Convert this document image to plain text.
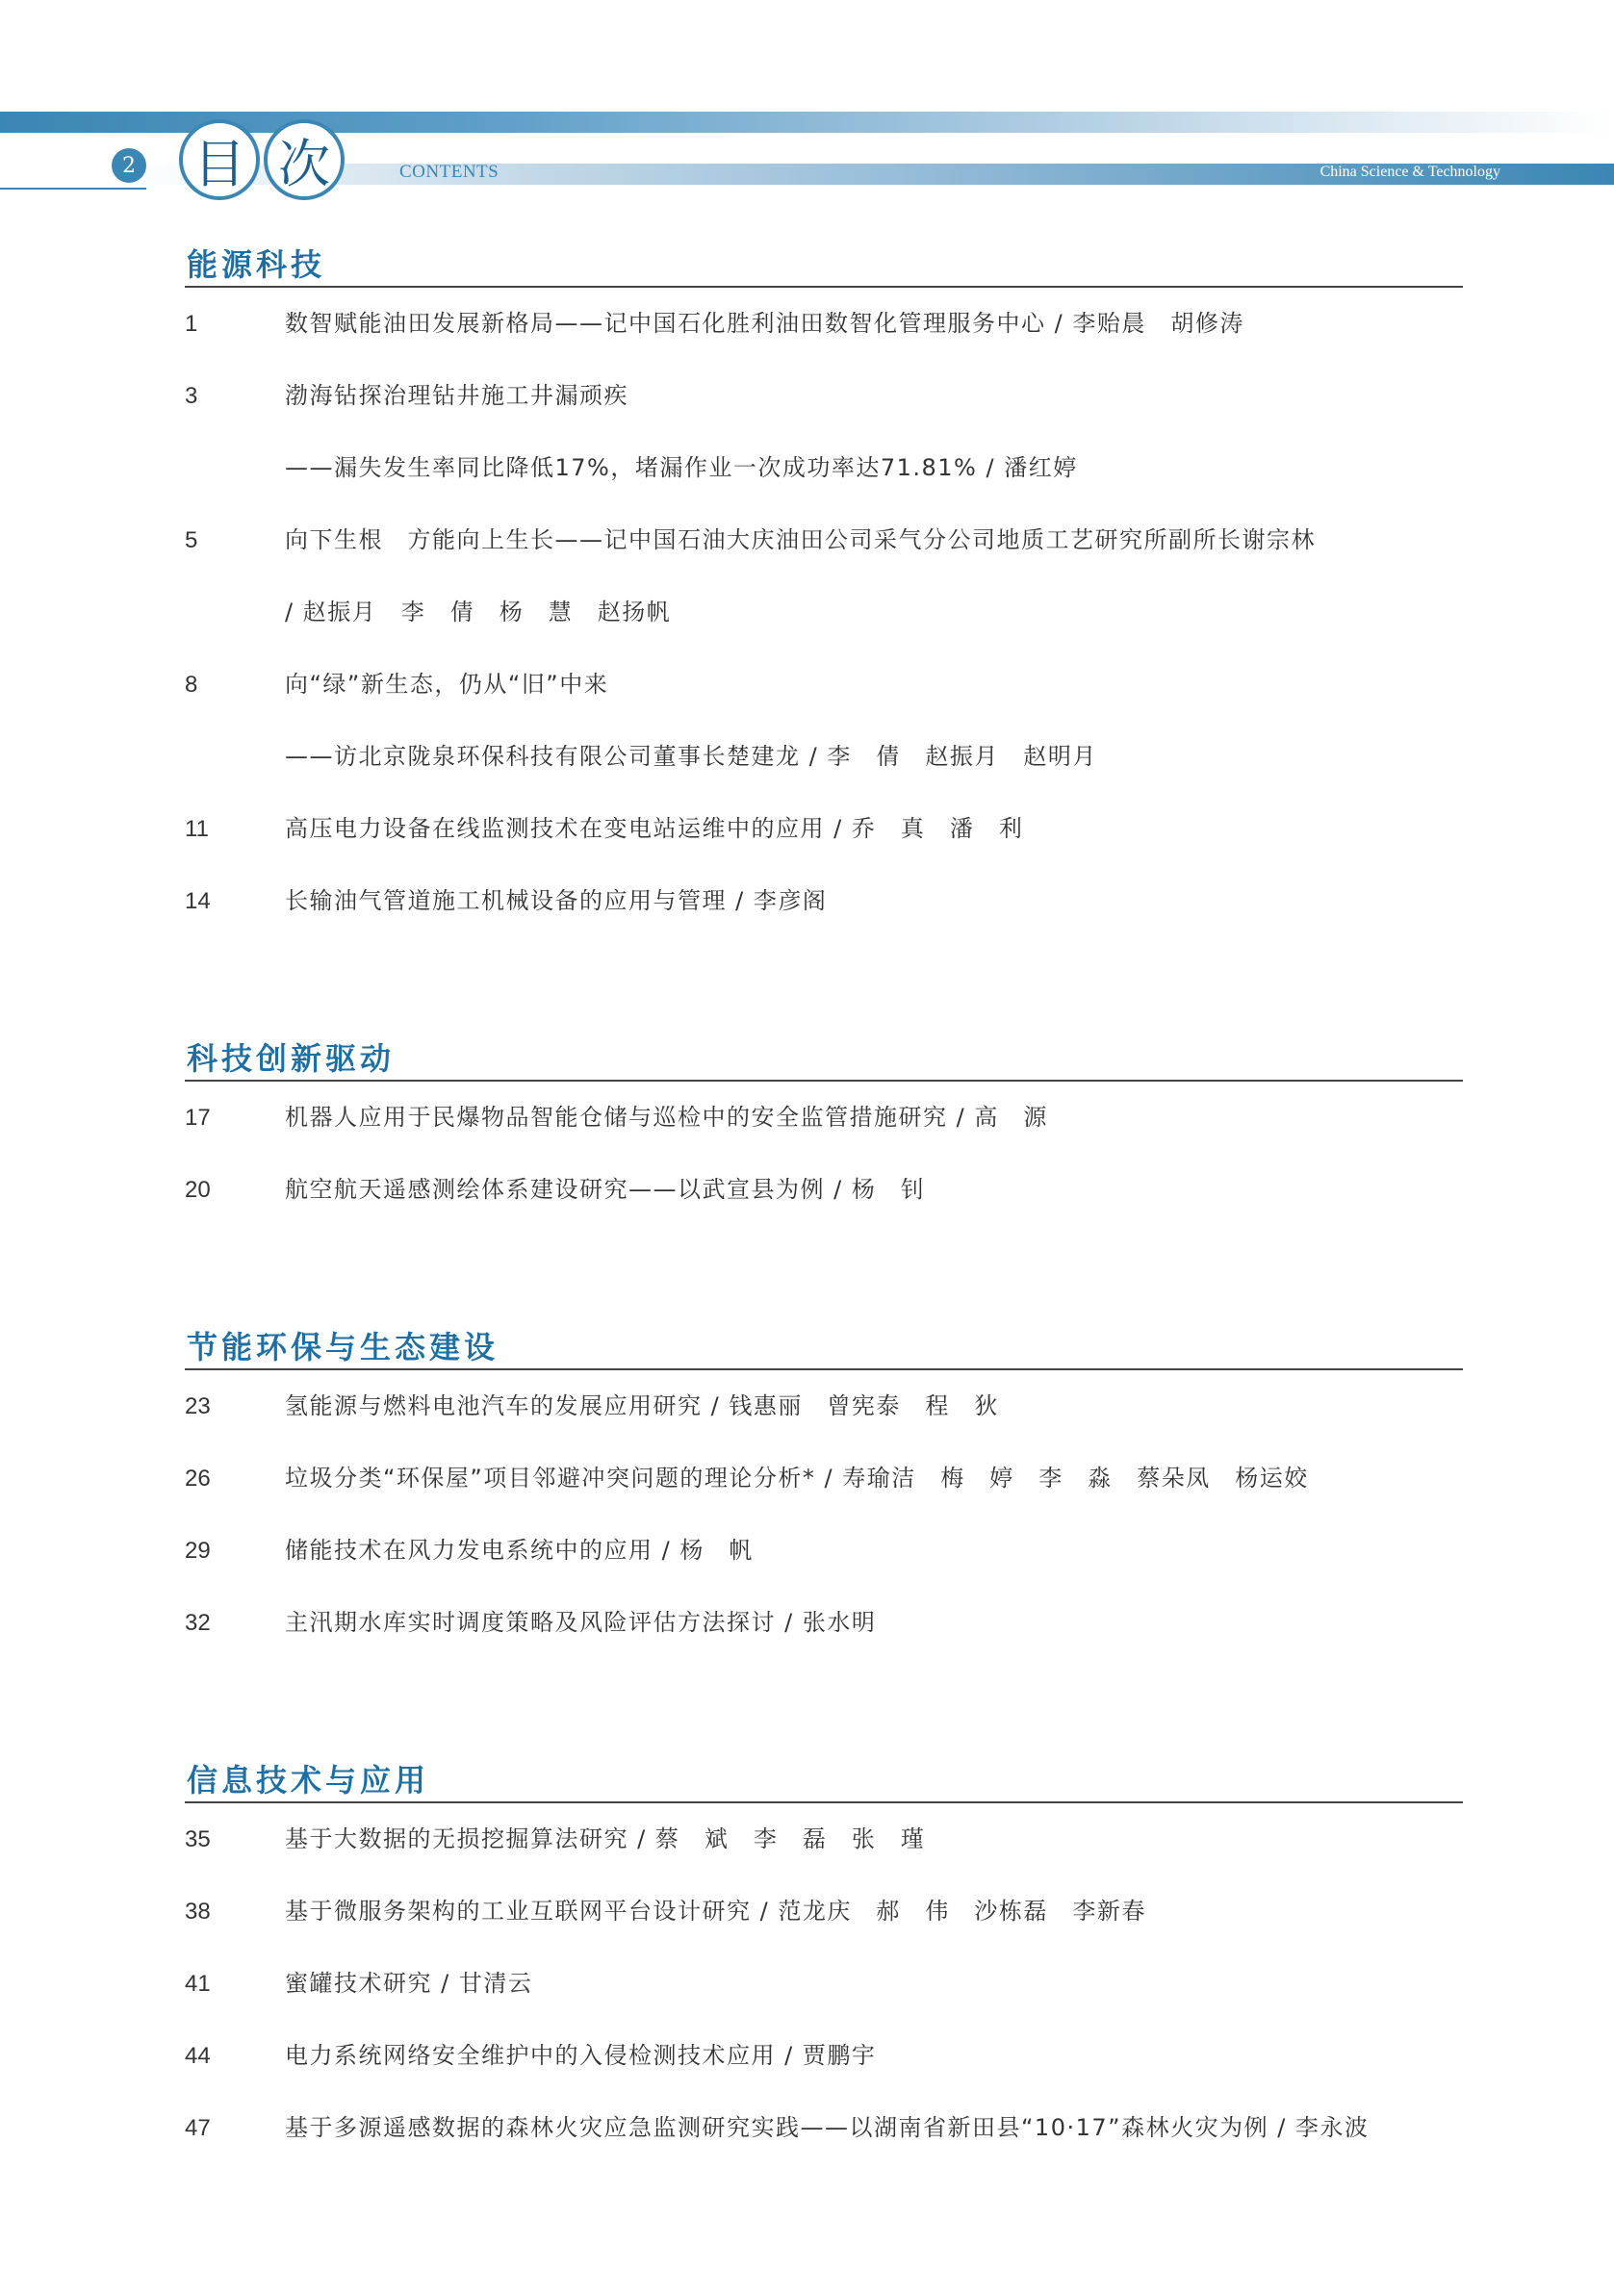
2 目 次	CONTENTS	China Science & Technology
能源科技
1	数智赋能油田发展新格局——记中国石化胜利油田数智化管理服务中心 / 李贻晨　胡修涛
3	渤海钻探治理钻井施工井漏顽疾
——漏失发生率同比降低17%，堵漏作业一次成功率达71.81% / 潘红婷
5	向下生根　方能向上生长——记中国石油大庆油田公司采气分公司地质工艺研究所副所长谢宗林
/ 赵振月　李　倩　杨　慧　赵扬帆
8	向“绿”新生态，仍从“旧”中来
——访北京陇泉环保科技有限公司董事长楚建龙 / 李　倩　赵振月　赵明月
11	高压电力设备在线监测技术在变电站运维中的应用 / 乔　真　潘　利
14	长输油气管道施工机械设备的应用与管理 / 李彦阁
科技创新驱动
17	机器人应用于民爆物品智能仓储与巡检中的安全监管措施研究 / 高　源
20	航空航天遥感测绘体系建设研究——以武宣县为例 / 杨　钊
节能环保与生态建设
23	氢能源与燃料电池汽车的发展应用研究 / 钱惠丽　曾宪泰　程　狄
26	垃圾分类“环保屋”项目邻避冲突问题的理论分析* / 寿瑜洁　梅　婷　李　淼　蔡朵凤　杨运姣
29	储能技术在风力发电系统中的应用 / 杨　帆
32	主汛期水库实时调度策略及风险评估方法探讨 / 张水明
信息技术与应用
35	基于大数据的无损挖掘算法研究 / 蔡　斌　李　磊　张　瑾
38	基于微服务架构的工业互联网平台设计研究 / 范龙庆　郝　伟　沙栋磊　李新春
41	蜜罐技术研究 / 甘清云
44	电力系统网络安全维护中的入侵检测技术应用 / 贾鹏宇
47	基于多源遥感数据的森林火灾应急监测研究实践——以湖南省新田县“10·17”森林火灾为例 / 李永波
